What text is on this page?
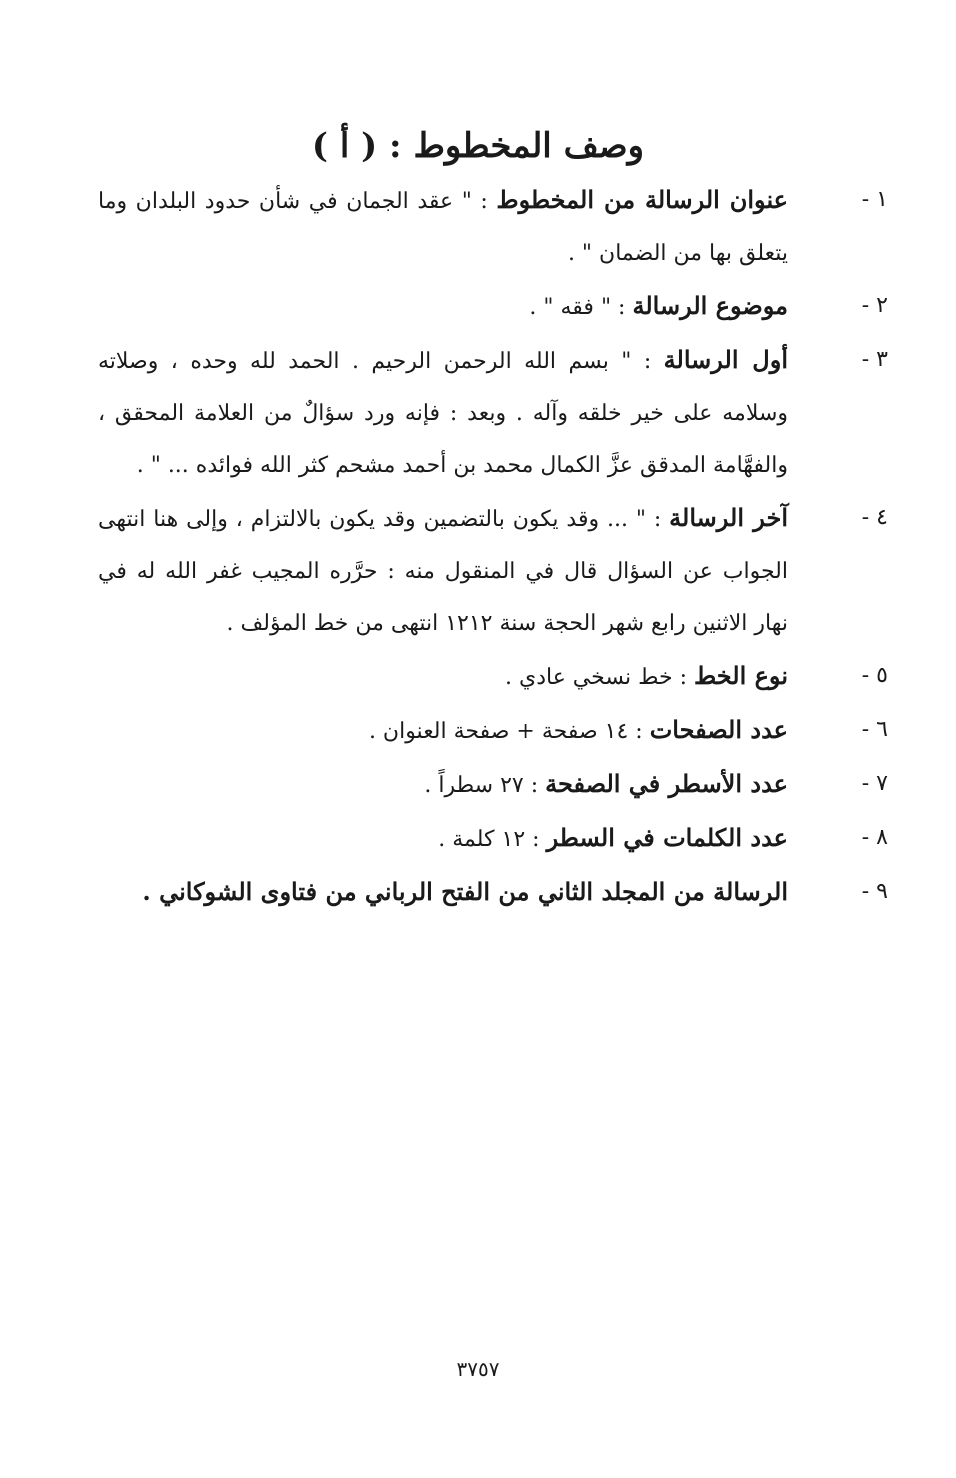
وصف المخطوط : ( أ )
١ -
عنوان الرسالة من المخطوط : " عقد الجمان في شأن حدود البلدان وما يتعلق بها من الضمان " .
٢ -
موضوع الرسالة : " فقه " .
٣ -
أول الرسالة : " بسم الله الرحمن الرحيم . الحمد لله وحده ، وصلاته وسلامه على خير خلقه وآله . وبعد : فإنه ورد سؤالٌ من العلامة المحقق ، والفهَّامة المدقق عزَّ الكمال محمد بن أحمد مشحم كثر الله فوائده ... " .
٤ -
آخر الرسالة : " ... وقد يكون بالتضمين وقد يكون بالالتزام ، وإلى هنا انتهى الجواب عن السؤال قال في المنقول منه : حرَّره المجيب غفر الله له في نهار الاثنين رابع شهر الحجة سنة ١٢١٢ انتهى من خط المؤلف .
٥ -
نوع الخط : خط نسخي عادي .
٦ -
عدد الصفحات : ١٤ صفحة + صفحة العنوان .
٧ -
عدد الأسطر في الصفحة : ٢٧ سطراً .
٨ -
عدد الكلمات في السطر : ١٢ كلمة .
٩ -
الرسالة من المجلد الثاني من الفتح الرباني من فتاوى الشوكاني .
٣٧٥٧
